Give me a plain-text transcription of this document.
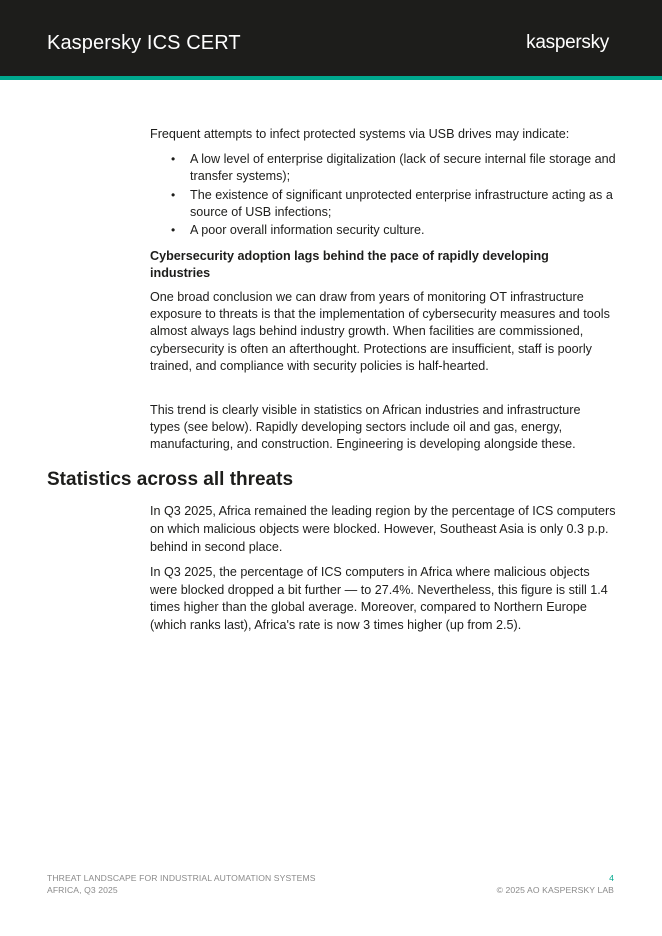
Kaspersky ICS CERT	kaspersky

Frequent attempts to infect protected systems via USB drives may indicate:

• A low level of enterprise digitalization (lack of secure internal file storage and transfer systems);
• The existence of significant unprotected enterprise infrastructure acting as a source of USB infections;
• A poor overall information security culture.
Cybersecurity adoption lags behind the pace of rapidly developing industries

One broad conclusion we can draw from years of monitoring OT infrastructure exposure to threats is that the implementation of cybersecurity measures and tools almost always lags behind industry growth. When facilities are commissioned, cybersecurity is often an afterthought. Protections are insufficient, staff is poorly trained, and compliance with security policies is half-hearted.

This trend is clearly visible in statistics on African industries and infrastructure types (see below). Rapidly developing sectors include oil and gas, energy, manufacturing, and construction. Engineering is developing alongside these.

Statistics across all threats

In Q3 2025, Africa remained the leading region by the percentage of ICS computers on which malicious objects were blocked. However, Southeast Asia is only 0.3 p.p. behind in second place.

In Q3 2025, the percentage of ICS computers in Africa where malicious objects were blocked dropped a bit further — to 27.4%. Nevertheless, this figure is still 1.4 times higher than the global average. Moreover, compared to Northern Europe (which ranks last), Africa's rate is now 3 times higher (up from 2.5).

THREAT LANDSCAPE FOR INDUSTRIAL AUTOMATION SYSTEMS
AFRICA, Q3 2025
4
© 2025 AO KASPERSKY LAB
